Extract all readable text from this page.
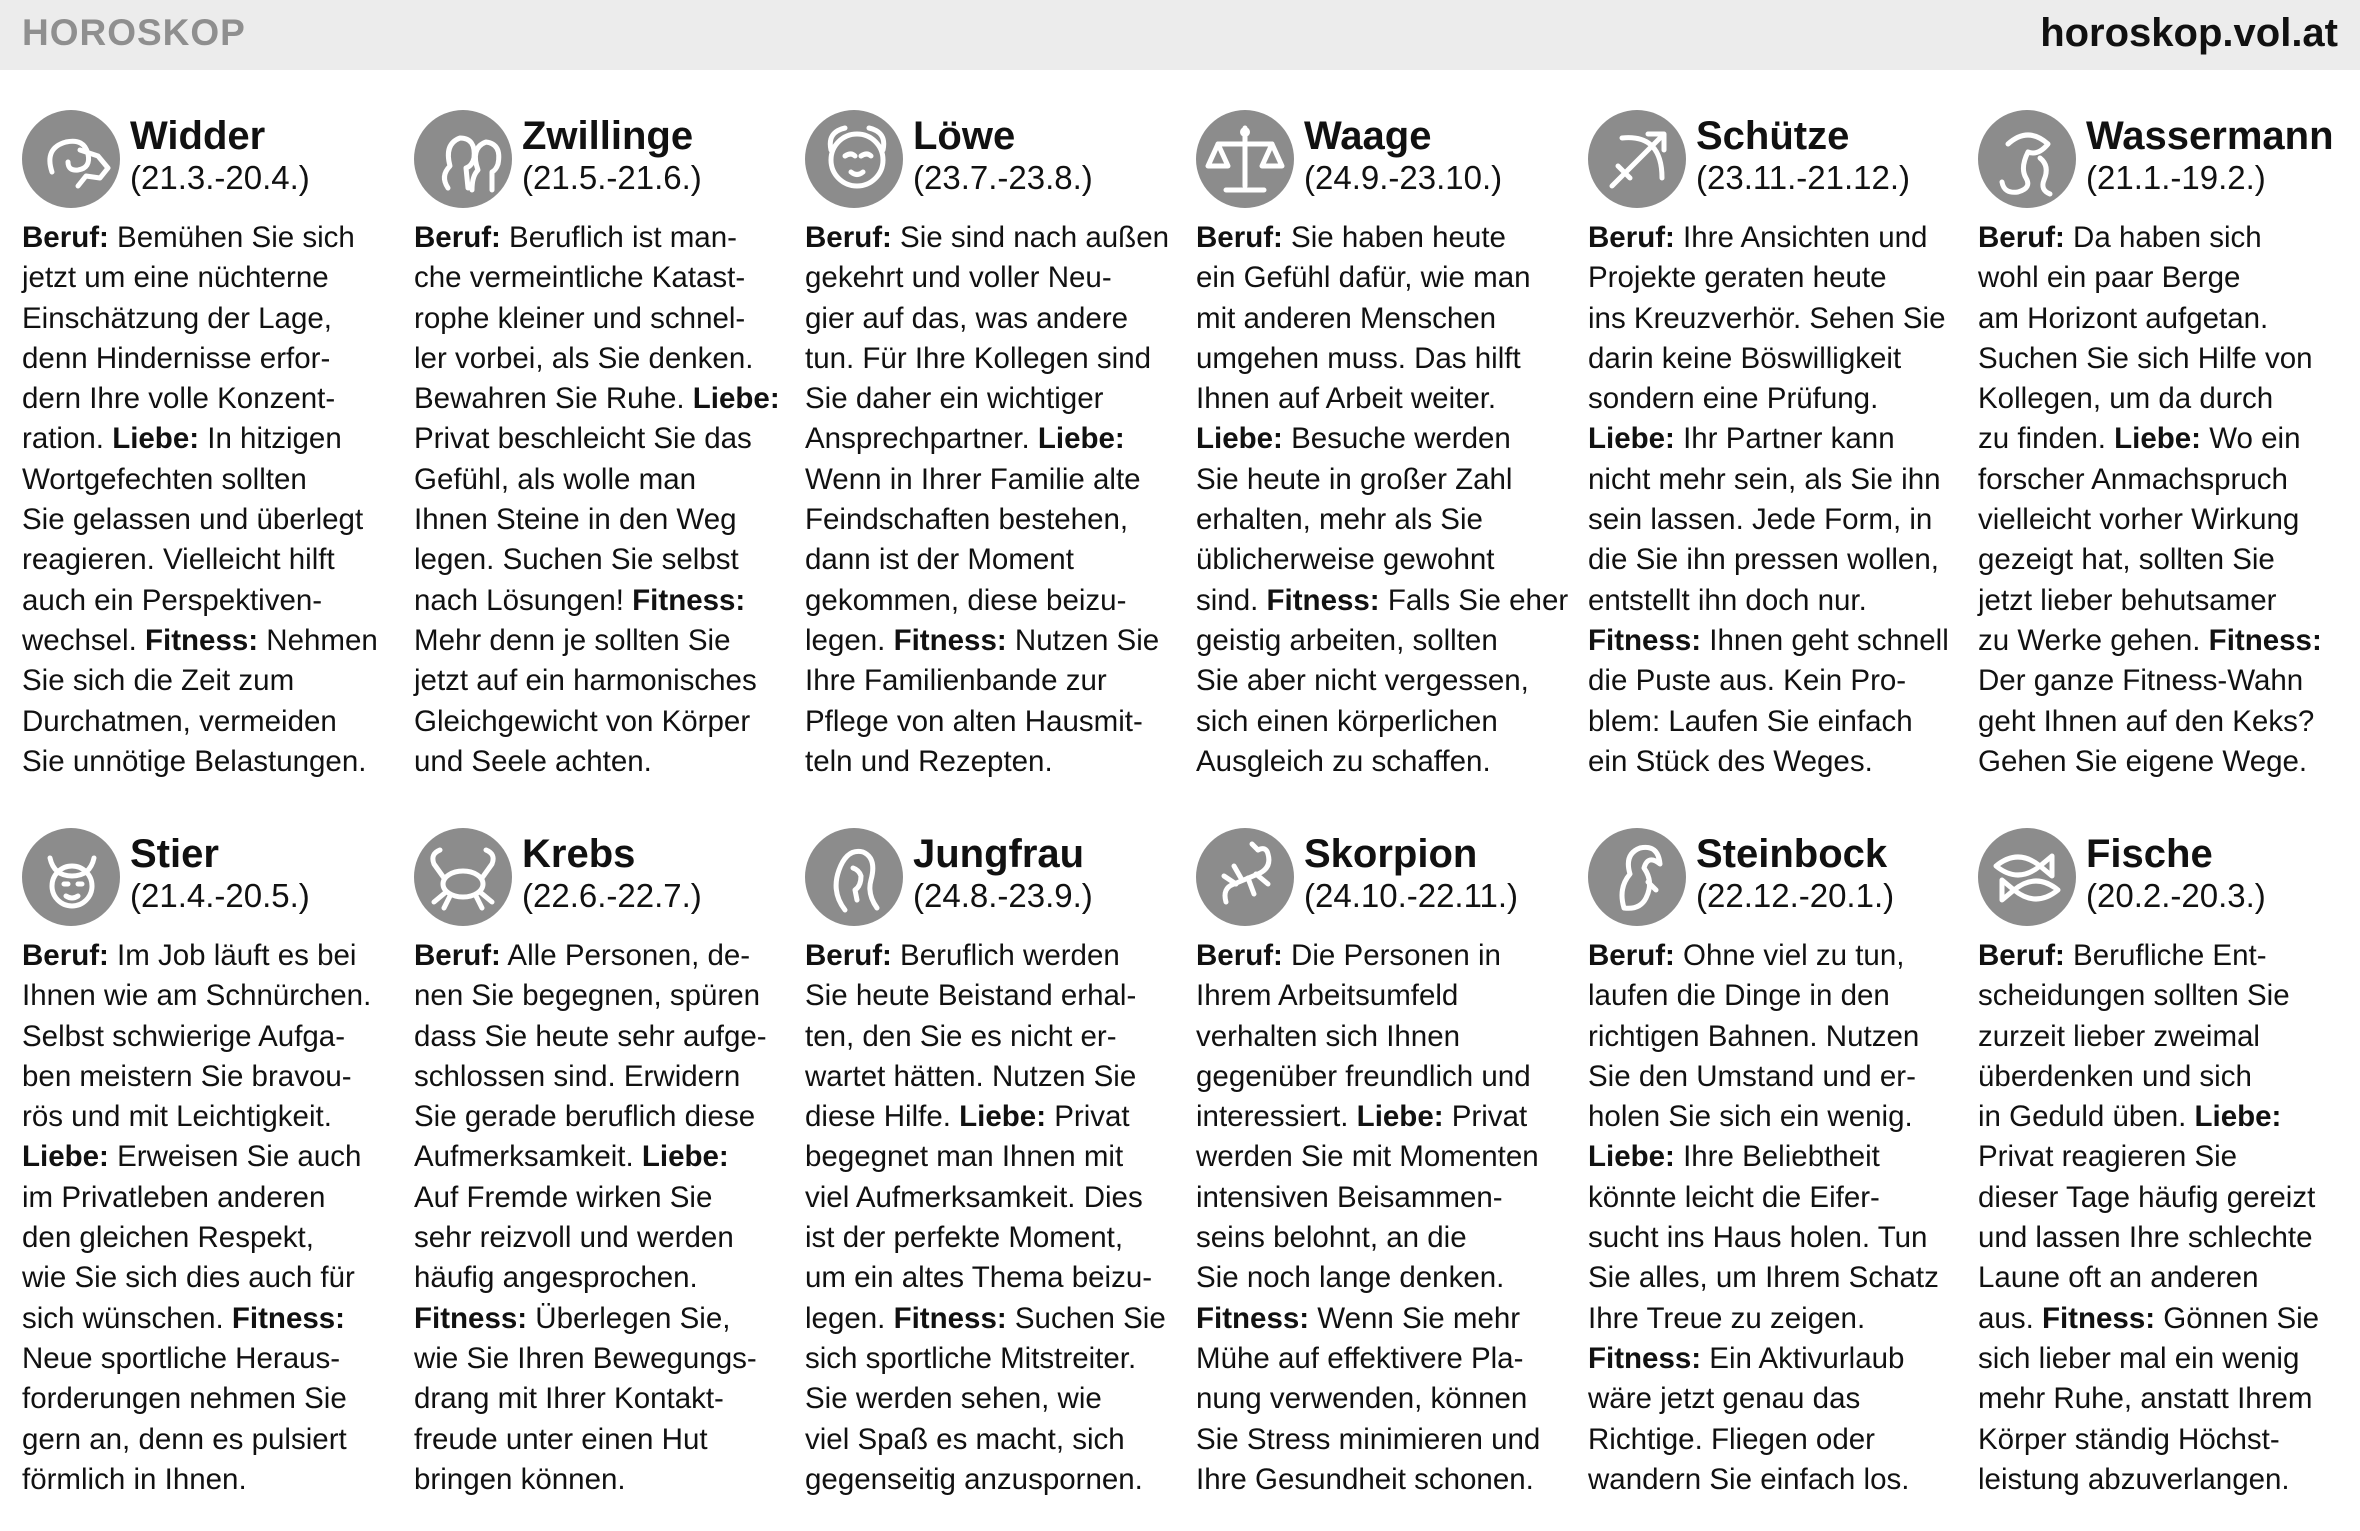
HOROSKOP	horoskop.vol.at
Widder
(21.3.-20.4.)
Beruf: Bemühen Sie sich
jetzt um eine nüchterne
Einschätzung der Lage,
denn Hindernisse erfor-
dern Ihre volle Konzent-
ration. Liebe: In hitzigen
Wortgefechten sollten
Sie gelassen und überlegt
reagieren. Vielleicht hilft
auch ein Perspektiven-
wechsel. Fitness: Nehmen
Sie sich die Zeit zum
Durchatmen, vermeiden
Sie unnötige Belastungen.
Zwillinge
(21.5.-21.6.)
Beruf: Beruflich ist man-
che vermeintliche Katast-
rophe kleiner und schnel-
ler vorbei, als Sie denken.
Bewahren Sie Ruhe. Liebe:
Privat beschleicht Sie das
Gefühl, als wolle man
Ihnen Steine in den Weg
legen. Suchen Sie selbst
nach Lösungen! Fitness:
Mehr denn je sollten Sie
jetzt auf ein harmonisches
Gleichgewicht von Körper
und Seele achten.
Löwe
(23.7.-23.8.)
Beruf: Sie sind nach außen
gekehrt und voller Neu-
gier auf das, was andere
tun. Für Ihre Kollegen sind
Sie daher ein wichtiger
Ansprechpartner. Liebe:
Wenn in Ihrer Familie alte
Feindschaften bestehen,
dann ist der Moment
gekommen, diese beizu-
legen. Fitness: Nutzen Sie
Ihre Familienbande zur
Pflege von alten Hausmit-
teln und Rezepten.
Waage
(24.9.-23.10.)
Beruf: Sie haben heute
ein Gefühl dafür, wie man
mit anderen Menschen
umgehen muss. Das hilft
Ihnen auf Arbeit weiter.
Liebe: Besuche werden
Sie heute in großer Zahl
erhalten, mehr als Sie
üblicherweise gewohnt
sind. Fitness: Falls Sie eher
geistig arbeiten, sollten
Sie aber nicht vergessen,
sich einen körperlichen
Ausgleich zu schaffen.
Schütze
(23.11.-21.12.)
Beruf: Ihre Ansichten und
Projekte geraten heute
ins Kreuzverhör. Sehen Sie
darin keine Böswilligkeit
sondern eine Prüfung.
Liebe: Ihr Partner kann
nicht mehr sein, als Sie ihn
sein lassen. Jede Form, in
die Sie ihn pressen wollen,
entstellt ihn doch nur.
Fitness: Ihnen geht schnell
die Puste aus. Kein Pro-
blem: Laufen Sie einfach
ein Stück des Weges.
Wassermann
(21.1.-19.2.)
Beruf: Da haben sich
wohl ein paar Berge
am Horizont aufgetan.
Suchen Sie sich Hilfe von
Kollegen, um da durch
zu finden. Liebe: Wo ein
forscher Anmachspruch
vielleicht vorher Wirkung
gezeigt hat, sollten Sie
jetzt lieber behutsamer
zu Werke gehen. Fitness:
Der ganze Fitness-Wahn
geht Ihnen auf den Keks?
Gehen Sie eigene Wege.
Stier
(21.4.-20.5.)
Beruf: Im Job läuft es bei
Ihnen wie am Schnürchen.
Selbst schwierige Aufga-
ben meistern Sie bravou-
rös und mit Leichtigkeit.
Liebe: Erweisen Sie auch
im Privatleben anderen
den gleichen Respekt,
wie Sie sich dies auch für
sich wünschen. Fitness:
Neue sportliche Heraus-
forderungen nehmen Sie
gern an, denn es pulsiert
förmlich in Ihnen.
Krebs
(22.6.-22.7.)
Beruf: Alle Personen, de-
nen Sie begegnen, spüren
dass Sie heute sehr aufge-
schlossen sind. Erwidern
Sie gerade beruflich diese
Aufmerksamkeit. Liebe:
Auf Fremde wirken Sie
sehr reizvoll und werden
häufig angesprochen.
Fitness: Überlegen Sie,
wie Sie Ihren Bewegungs-
drang mit Ihrer Kontakt-
freude unter einen Hut
bringen können.
Jungfrau
(24.8.-23.9.)
Beruf: Beruflich werden
Sie heute Beistand erhal-
ten, den Sie es nicht er-
wartet hätten. Nutzen Sie
diese Hilfe. Liebe: Privat
begegnet man Ihnen mit
viel Aufmerksamkeit. Dies
ist der perfekte Moment,
um ein altes Thema beizu-
legen. Fitness: Suchen Sie
sich sportliche Mitstreiter.
Sie werden sehen, wie
viel Spaß es macht, sich
gegenseitig anzuspornen.
Skorpion
(24.10.-22.11.)
Beruf: Die Personen in
Ihrem Arbeitsumfeld
verhalten sich Ihnen
gegenüber freundlich und
interessiert. Liebe: Privat
werden Sie mit Momenten
intensiven Beisammen-
seins belohnt, an die
Sie noch lange denken.
Fitness: Wenn Sie mehr
Mühe auf effektivere Pla-
nung verwenden, können
Sie Stress minimieren und
Ihre Gesundheit schonen.
Steinbock
(22.12.-20.1.)
Beruf: Ohne viel zu tun,
laufen die Dinge in den
richtigen Bahnen. Nutzen
Sie den Umstand und er-
holen Sie sich ein wenig.
Liebe: Ihre Beliebtheit
könnte leicht die Eifer-
sucht ins Haus holen. Tun
Sie alles, um Ihrem Schatz
Ihre Treue zu zeigen.
Fitness: Ein Aktivurlaub
wäre jetzt genau das
Richtige. Fliegen oder
wandern Sie einfach los.
Fische
(20.2.-20.3.)
Beruf: Berufliche Ent-
scheidungen sollten Sie
zurzeit lieber zweimal
überdenken und sich
in Geduld üben. Liebe:
Privat reagieren Sie
dieser Tage häufig gereizt
und lassen Ihre schlechte
Laune oft an anderen
aus. Fitness: Gönnen Sie
sich lieber mal ein wenig
mehr Ruhe, anstatt Ihrem
Körper ständig Höchst-
leistung abzuverlangen.
